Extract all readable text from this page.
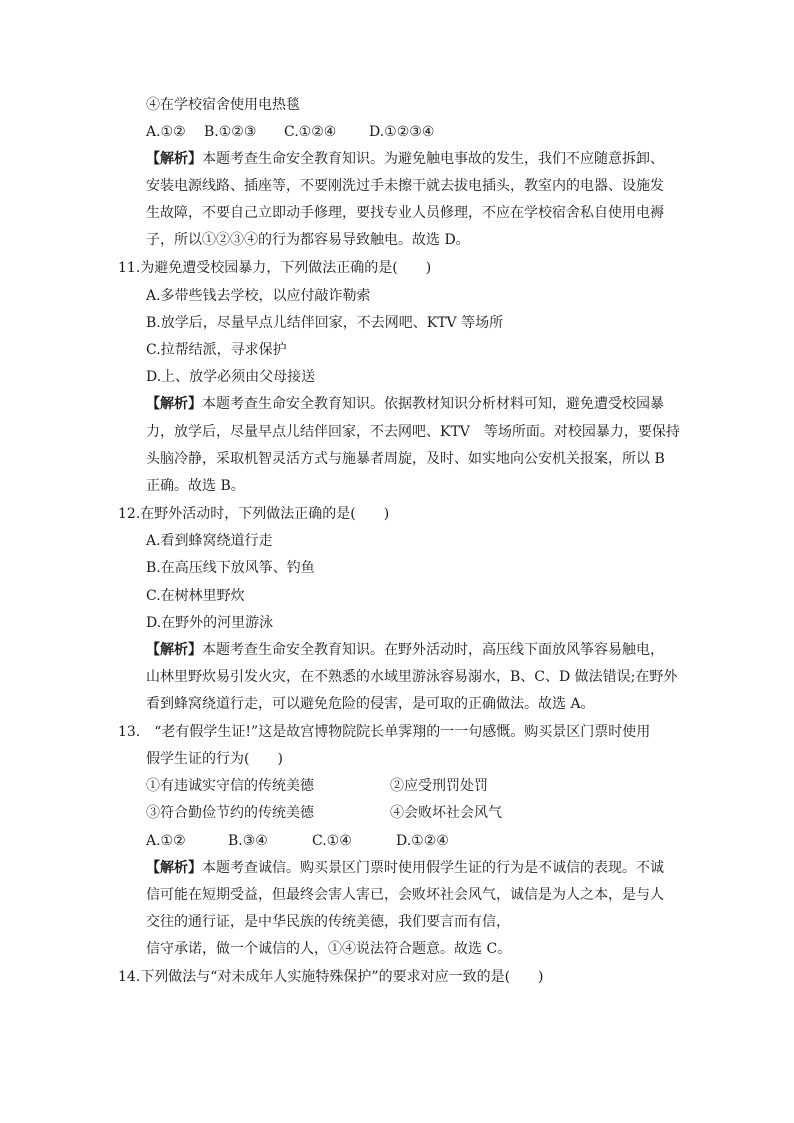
④在学校宿舍使用电热毯
A.①② B.①②③ C.①②④ D.①②③④
【解析】本题考查生命安全教育知识。为避免触电事故的发生，我们不应随意拆卸、
安装电源线路、插座等，不要刚洗过手未擦干就去拔电插头，教室内的电器、设施发
生故障，不要自己立即动手修理，要找专业人员修理，不应在学校宿舍私自使用电褥
子，所以①②③④的行为都容易导致触电。故选 D。
11.为避免遭受校园暴力，下列做法正确的是(　　)
A.多带些钱去学校，以应付敲诈勒索
B.放学后，尽量早点儿结伴回家，不去网吧、KTV 等场所
C.拉帮结派，寻求保护
D.上、放学必须由父母接送
【解析】本题考查生命安全教育知识。依据教材知识分析材料可知，避免遭受校园暴
力，放学后，尽量早点儿结伴回家，不去网吧、KTV　等场所面。对校园暴力，要保持
头脑冷静，采取机智灵活方式与施暴者周旋，及时、如实地向公安机关报案，所以 B
正确。故选 B。
12.在野外活动时，下列做法正确的是(　　)
A.看到蜂窝绕道行走
B.在高压线下放风筝、钓鱼
C.在树林里野炊
D.在野外的河里游泳
【解析】本题考查生命安全教育知识。在野外活动时，高压线下面放风筝容易触电，
山林里野炊易引发火灾，在不熟悉的水域里游泳容易溺水，B、C、D 做法错误;在野外
看到蜂窝绕道行走，可以避免危险的侵害，是可取的正确做法。故选 A。
13.　“老有假学生证!”这是故宫博物院院长单霁翔的一一句感慨。购买景区门票时使用
假学生证的行为(　　)
①有违诚实守信的传统美德	②应受刑罚处罚
③符合勤俭节约的传统美德	④会败坏社会风气
A.①②	B.③④	C.①④	D.①②④
【解析】本题考查诚信。购买景区门票时使用假学生证的行为是不诚信的表现。不诚
信可能在短期受益，但最终会害人害已，会败坏社会风气，诚信是为人之本，是与人
交往的通行证，是中华民族的传统美德，我们要言而有信，
信守承诺，做一个诚信的人，①④说法符合题意。故选 C。
14.下列做法与“对未成年人实施特殊保护”的要求对应一致的是(　　)
